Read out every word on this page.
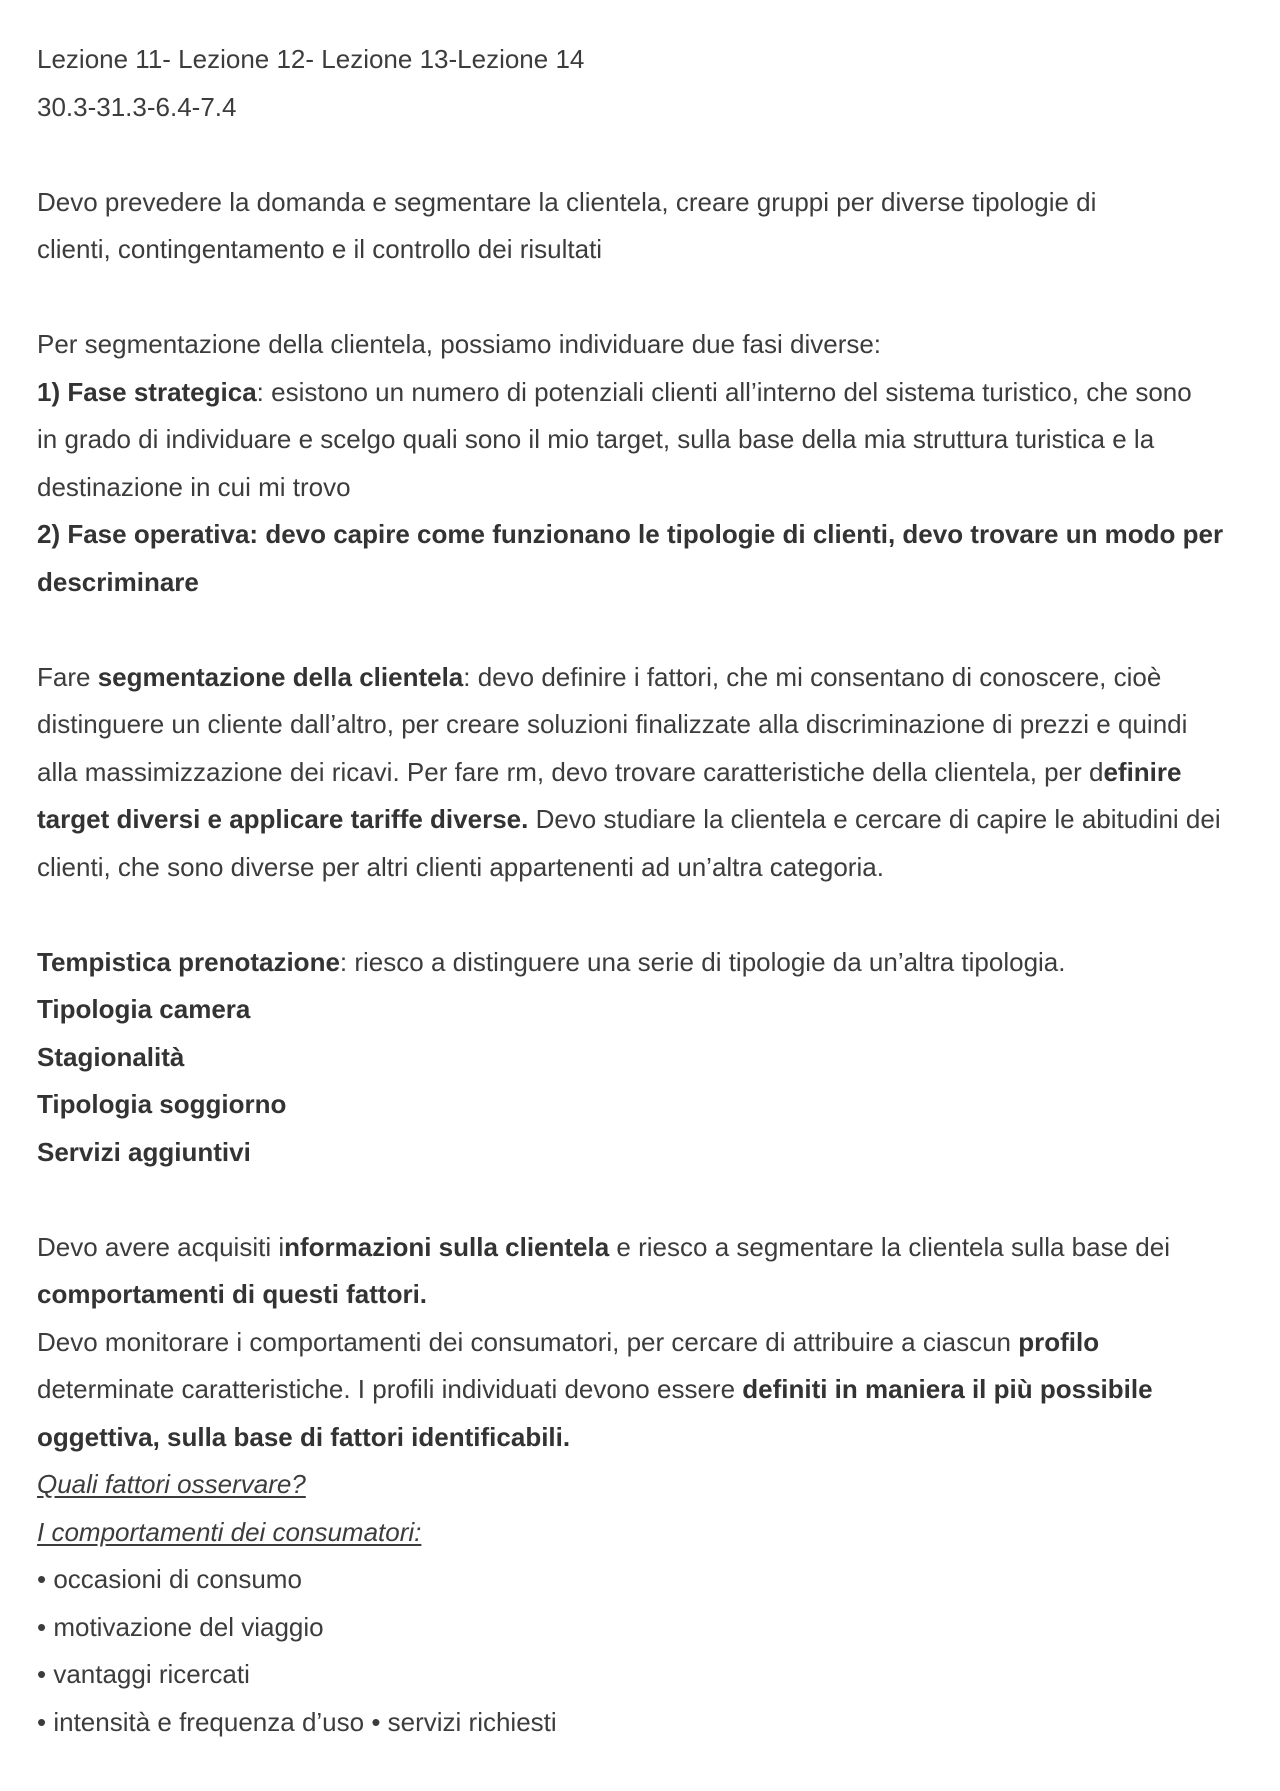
Lezione 11- Lezione 12- Lezione 13-Lezione 14

30.3-31.3-6.4-7.4

Devo prevedere la domanda e segmentare la clientela, creare gruppi per diverse tipologie di

clienti, contingentamento e il controllo dei risultati

Per segmentazione della clientela, possiamo individuare due fasi diverse:

1) Fase strategica: esistono un numero di potenziali clienti all’interno del sistema turistico, che sono

in grado di individuare e scelgo quali sono il mio target, sulla base della mia struttura turistica e la

destinazione in cui mi trovo

2) Fase operativa: devo capire come funzionano le tipologie di clienti, devo trovare un modo per

descriminare

Fare segmentazione della clientela: devo definire i fattori, che mi consentano di conoscere, cioè

distinguere un cliente dall’altro, per creare soluzioni finalizzate alla discriminazione di prezzi e quindi

alla massimizzazione dei ricavi. Per fare rm, devo trovare caratteristiche della clientela, per definire

target diversi e applicare tariffe diverse. Devo studiare la clientela e cercare di capire le abitudini dei

clienti, che sono diverse per altri clienti appartenenti ad un’altra categoria.

Tempistica prenotazione: riesco a distinguere una serie di tipologie da un’altra tipologia.

Tipologia camera

Stagionalità

Tipologia soggiorno

Servizi aggiuntivi

Devo avere acquisiti informazioni sulla clientela e riesco a segmentare la clientela sulla base dei

comportamenti di questi fattori.

Devo monitorare i comportamenti dei consumatori, per cercare di attribuire a ciascun profilo

determinate caratteristiche. I profili individuati devono essere definiti in maniera il più possibile

oggettiva, sulla base di fattori identificabili.

Quali fattori osservare?

I comportamenti dei consumatori:

• occasioni di consumo

• motivazione del viaggio

• vantaggi ricercati

• intensità e frequenza d’uso • servizi richiesti
